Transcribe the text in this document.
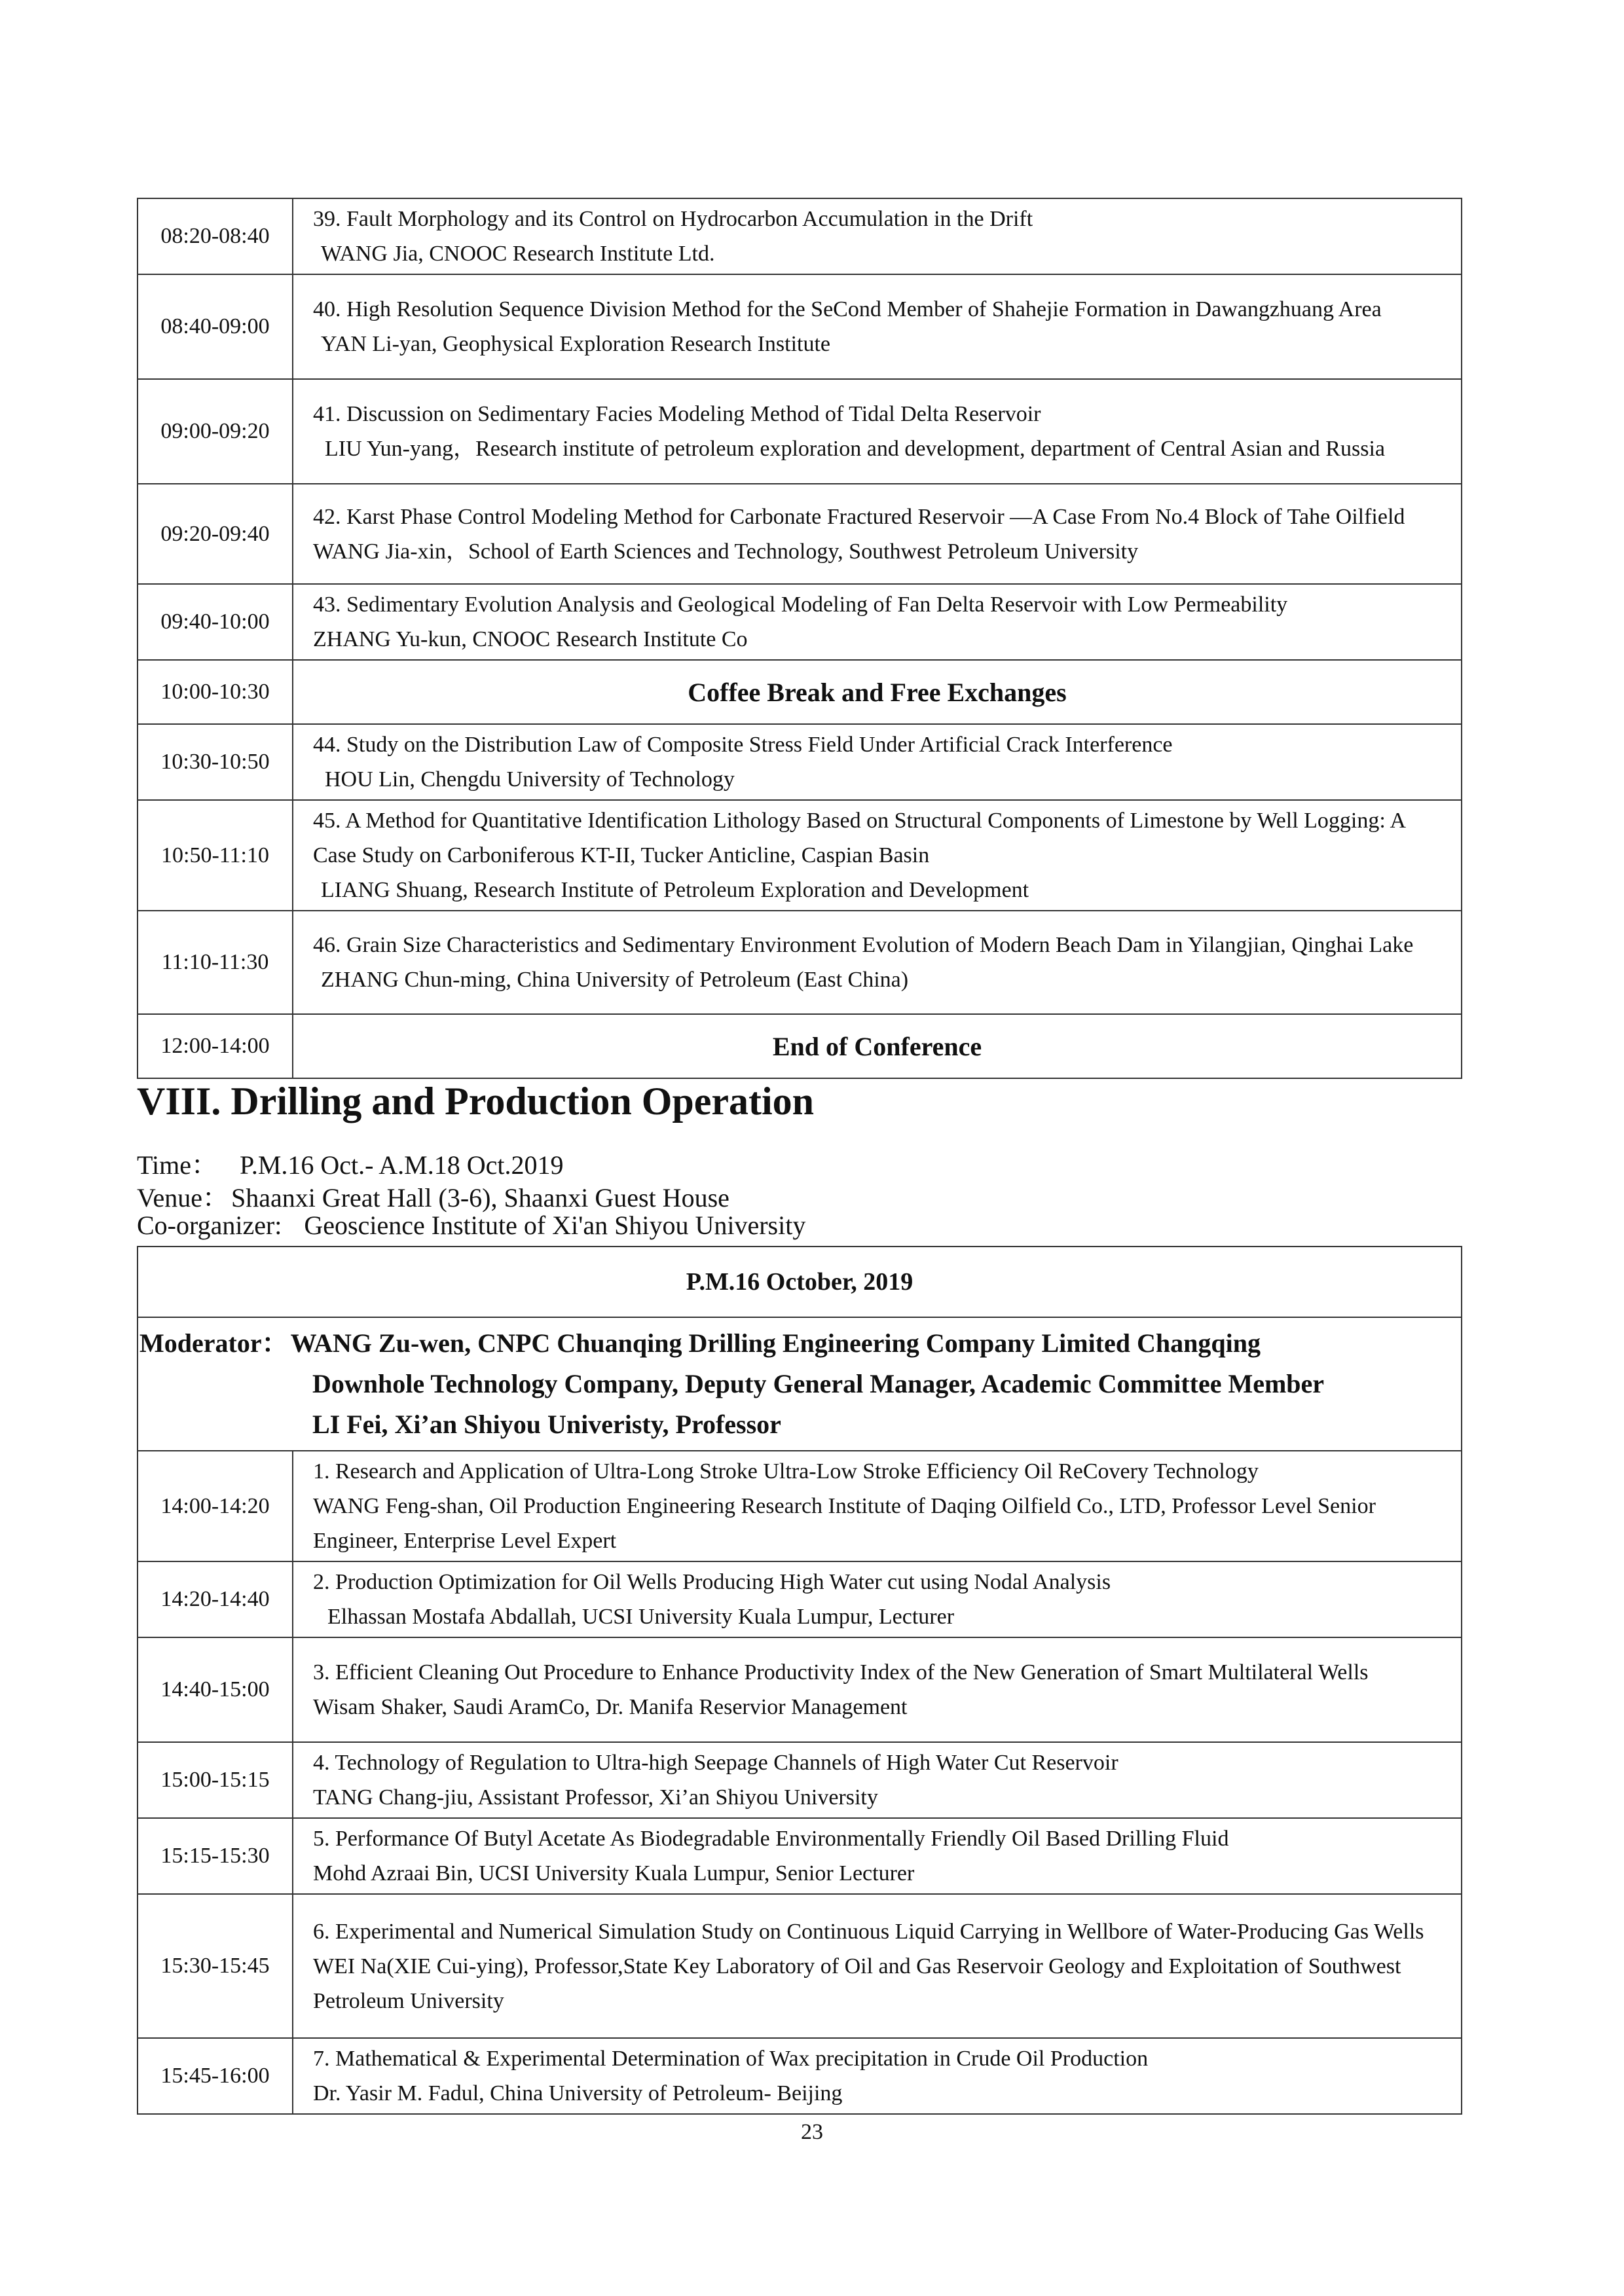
08:20-08:40	39. Fault Morphology and its Control on Hydrocarbon Accumulation in the Drift
WANG Jia, CNOOC Research Institute Ltd.

08:40-09:00	40. High Resolution Sequence Division Method for the SeCond Member of Shahejie Formation in Dawangzhuang Area
YAN Li-yan, Geophysical Exploration Research Institute

09:00-09:20	41. Discussion on Sedimentary Facies Modeling Method of Tidal Delta Reservoir
LIU Yun-yang，Research institute of petroleum exploration and development, department of Central Asian and Russia

09:20-09:40	42. Karst Phase Control Modeling Method for Carbonate Fractured Reservoir —A Case From No.4 Block of Tahe Oilfield
WANG Jia-xin，School of Earth Sciences and Technology, Southwest Petroleum University

09:40-10:00	43. Sedimentary Evolution Analysis and Geological Modeling of Fan Delta Reservoir with Low Permeability
ZHANG Yu-kun, CNOOC Research Institute Co

10:00-10:30	Coffee Break and Free Exchanges
10:30-10:50	44. Study on the Distribution Law of Composite Stress Field Under Artificial Crack Interference
HOU Lin, Chengdu University of Technology

10:50-11:10	45. A Method for Quantitative Identification Lithology Based on Structural Components of Limestone by Well Logging: A Case Study on Carboniferous KT-II, Tucker Anticline, Caspian Basin
LIANG Shuang, Research Institute of Petroleum Exploration and Development

11:10-11:30	46. Grain Size Characteristics and Sedimentary Environment Evolution of Modern Beach Dam in Yilangjian, Qinghai Lake
ZHANG Chun-ming, China University of Petroleum (East China)

12:00-14:00	End of Conference
VIII. Drilling and Production Operation
Time： P.M.16 Oct.- A.M.18 Oct.2019
Venue： Shaanxi Great Hall (3-6), Shaanxi Guest House
Co-organizer: Geoscience Institute of Xi'an Shiyou University
P.M.16 October, 2019	

Moderator： WANG Zu-wen, CNPC Chuanqing Drilling Engineering Company Limited Changqing
Downhole Technology Company, Deputy General Manager, Academic Committee Member
LI Fei, Xi’an Shiyou Univeristy, Professor	

14:00-14:20	1. Research and Application of Ultra-Long Stroke Ultra-Low Stroke Efficiency Oil ReCovery Technology
WANG Feng-shan, Oil Production Engineering Research Institute of Daqing Oilfield Co., LTD, Professor Level Senior Engineer, Enterprise Level Expert

14:20-14:40	2. Production Optimization for Oil Wells Producing High Water cut using Nodal Analysis
Elhassan Mostafa Abdallah, UCSI University Kuala Lumpur, Lecturer

14:40-15:00	3. Efficient Cleaning Out Procedure to Enhance Productivity Index of the New Generation of Smart Multilateral Wells
Wisam Shaker, Saudi AramCo, Dr. Manifa Reservior Management

15:00-15:15	4. Technology of Regulation to Ultra-high Seepage Channels of High Water Cut Reservoir
TANG Chang-jiu, Assistant Professor, Xi’an Shiyou University

15:15-15:30	5. Performance Of Butyl Acetate As Biodegradable Environmentally Friendly Oil Based Drilling Fluid
Mohd Azraai Bin, UCSI University Kuala Lumpur, Senior Lecturer

15:30-15:45	6. Experimental and Numerical Simulation Study on Continuous Liquid Carrying in Wellbore of Water-Producing Gas Wells
WEI Na(XIE Cui-ying), Professor,State Key Laboratory of Oil and Gas Reservoir Geology and Exploitation of Southwest Petroleum University

15:45-16:00	7. Mathematical & Experimental Determination of Wax precipitation in Crude Oil Production
Dr. Yasir M. Fadul, China University of Petroleum- Beijing
23
